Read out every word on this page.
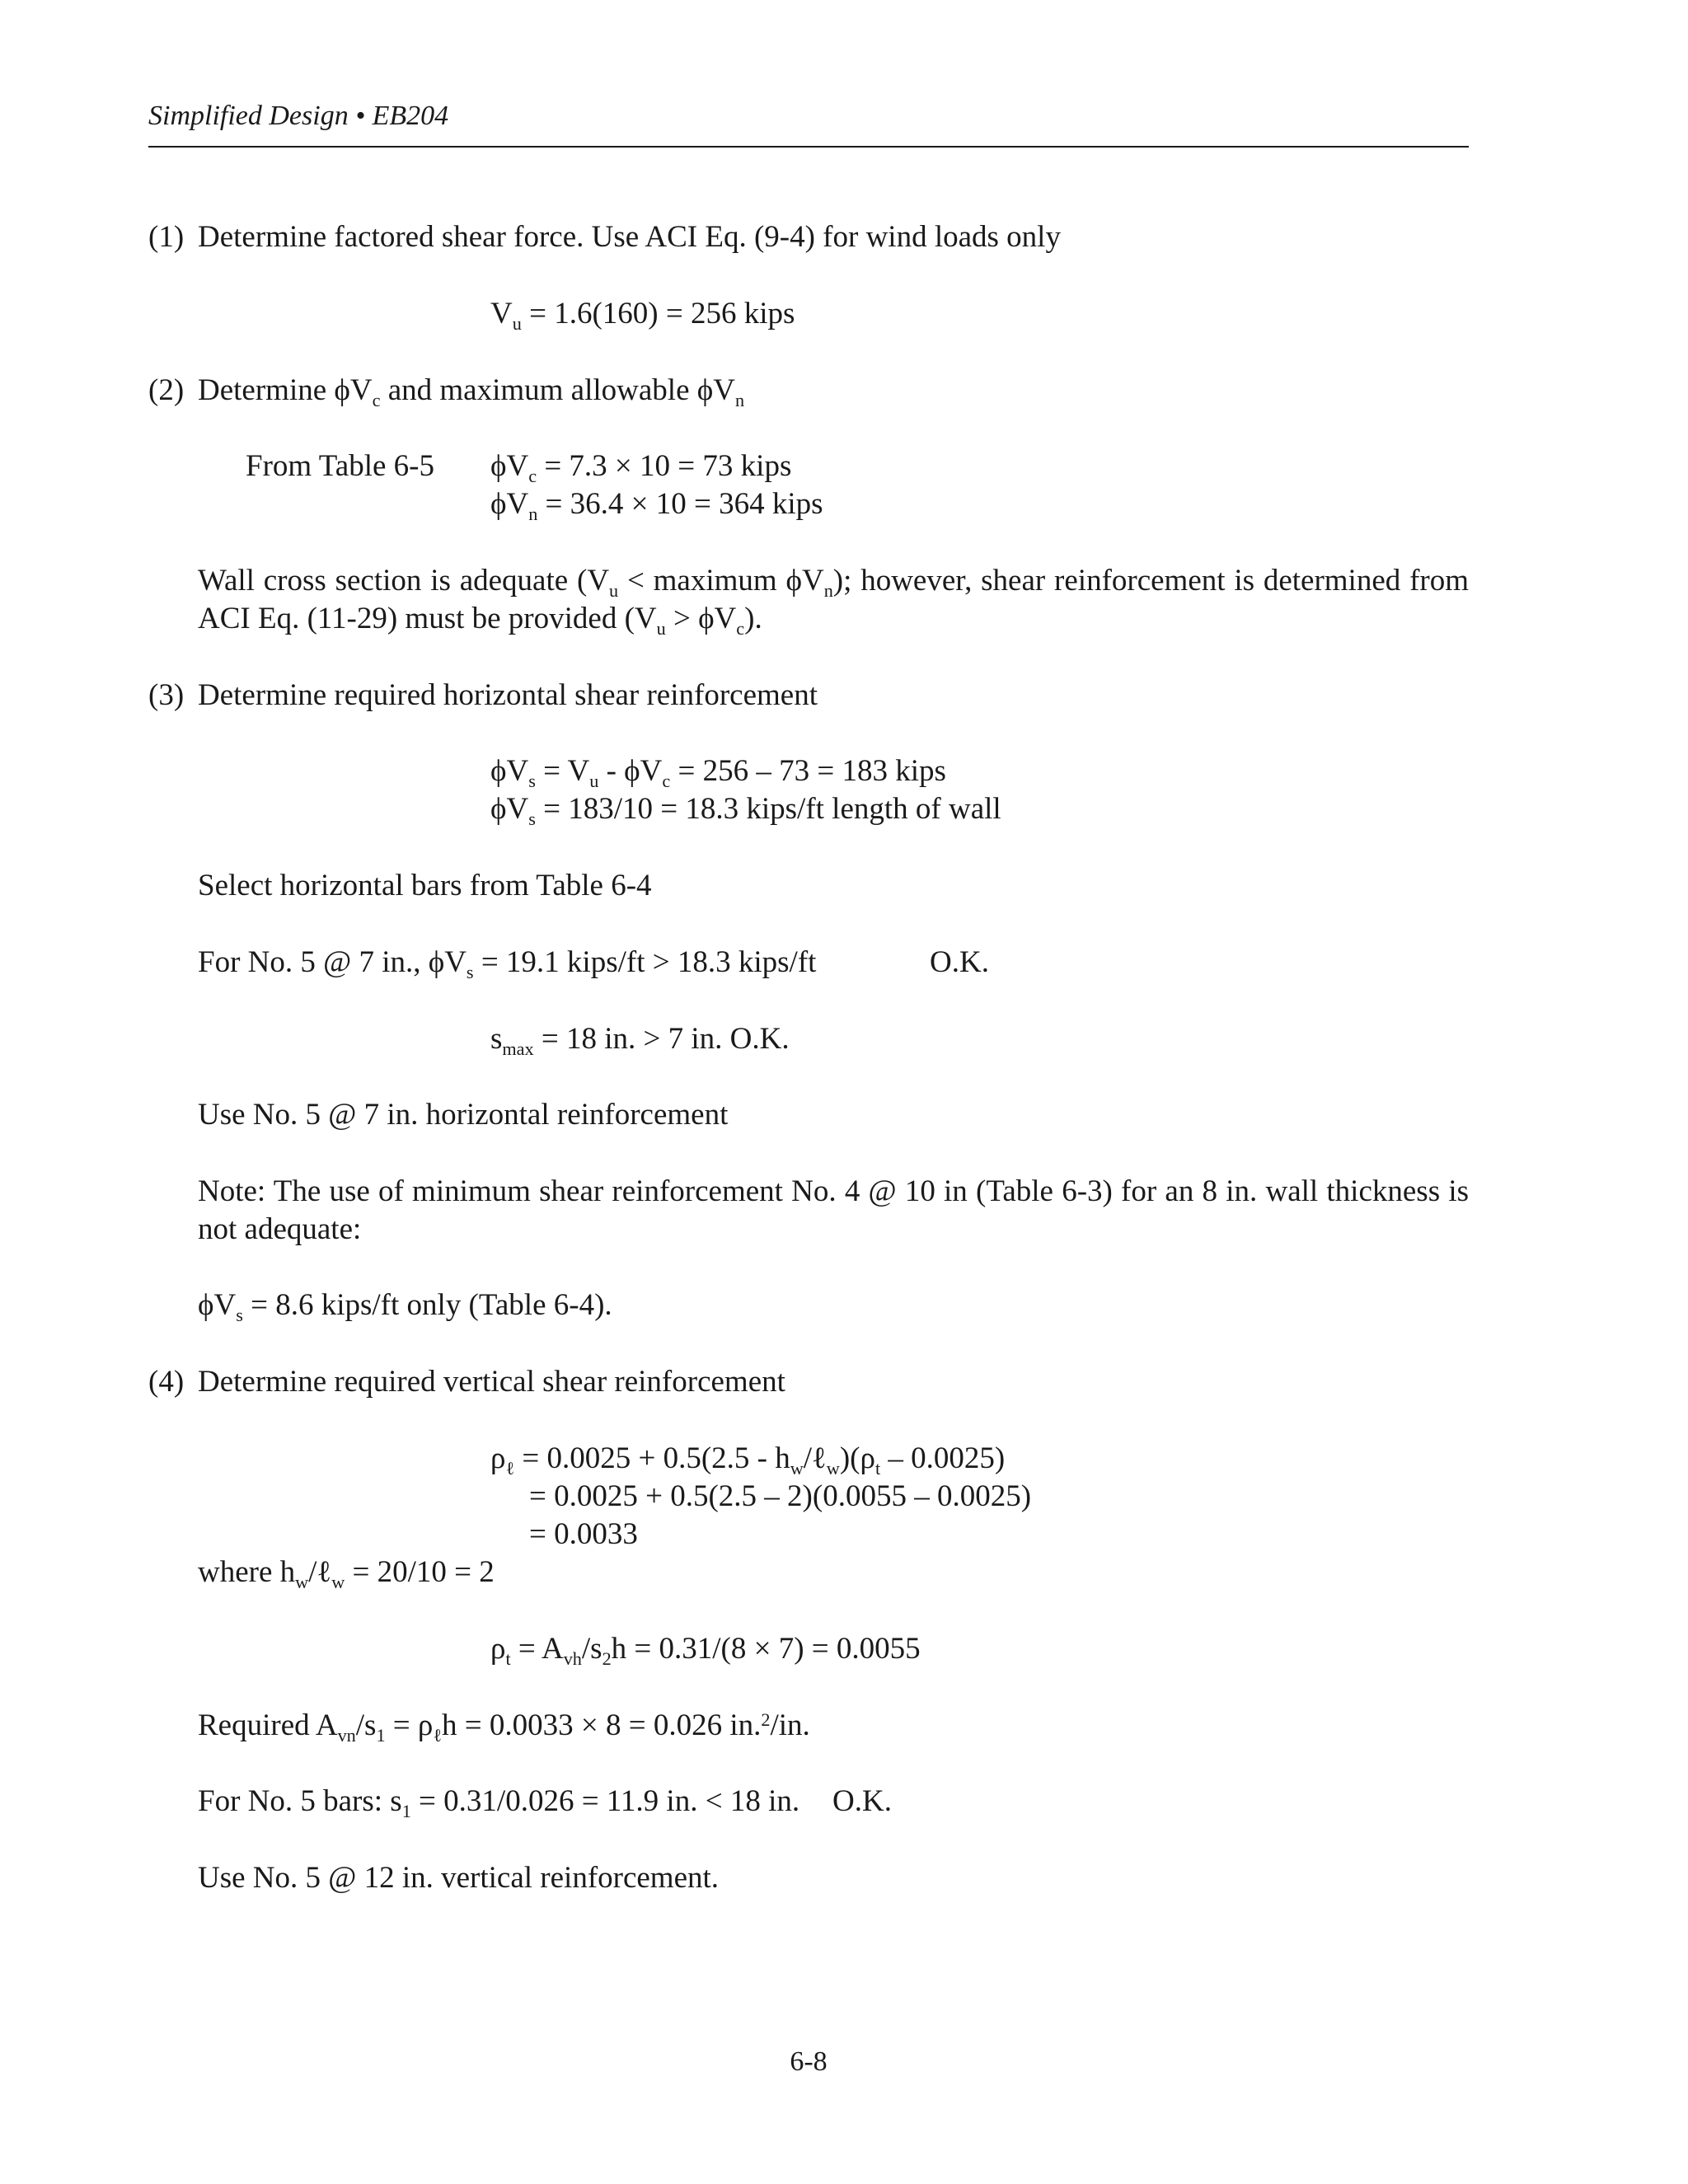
Simplified Design • EB204
(1) Determine factored shear force. Use ACI Eq. (9-4) for wind loads only
$V_u = 1.6(160) = 256$ kips
(2) Determine $\phi V_c$ and maximum allowable $\phi V_n$
From Table 6-5 $\phi V_c = 7.3 \times 10 = 73$ kips
$\phi V_n = 36.4 \times 10 = 364$ kips
Wall cross section is adequate ($V_u$ < maximum $\phi V_n$); however, shear reinforcement is determined from ACI Eq. (11-29) must be provided $(V_u > \phi V_c)$.
(3) Determine required horizontal shear reinforcement
$\phi V_s = V_u - \phi V_c = 256 - 73 = 183$ kips
$\phi V_s = 183/10 = 18.3$ kips/ft length of wall
Select horizontal bars from Table 6-4
For No. 5 @ 7 in., $\phi V_s = 19.1$ kips/ft > 18.3 kips/ft	O.K.
$s_{max} = 18$ in. > 7 in. O.K.
Use No. 5 @ 7 in. horizontal reinforcement
Note: The use of minimum shear reinforcement No. 4 @ 10 in (Table 6-3) for an 8 in. wall thickness is not adequate:
$\phi V_s = 8.6$ kips/ft only (Table 6-4).
(4) Determine required vertical shear reinforcement
$\rho_\ell = 0.0025 + 0.5(2.5$ - $h_w/\ell_w)(\rho_t - 0.0025)$
= 0.0025 + 0.5(2.5 – 2)(0.0055 – 0.0025)
= 0.0033
where $h_w/\ell_w = 20/10 = 2$
$\rho_t = A_{vh}/s_2h = 0.31/(8 \times 7) = 0.0055$
Required $A_{vn}/s_1 = \rho_\ell h = 0.0033 \times 8 = 0.026$ in.$^2$/in.
For No. 5 bars: $s_1 = 0.31/0.026 = 11.9$ in. < 18 in. O.K.
Use No. 5 @ 12 in. vertical reinforcement.
6-8
